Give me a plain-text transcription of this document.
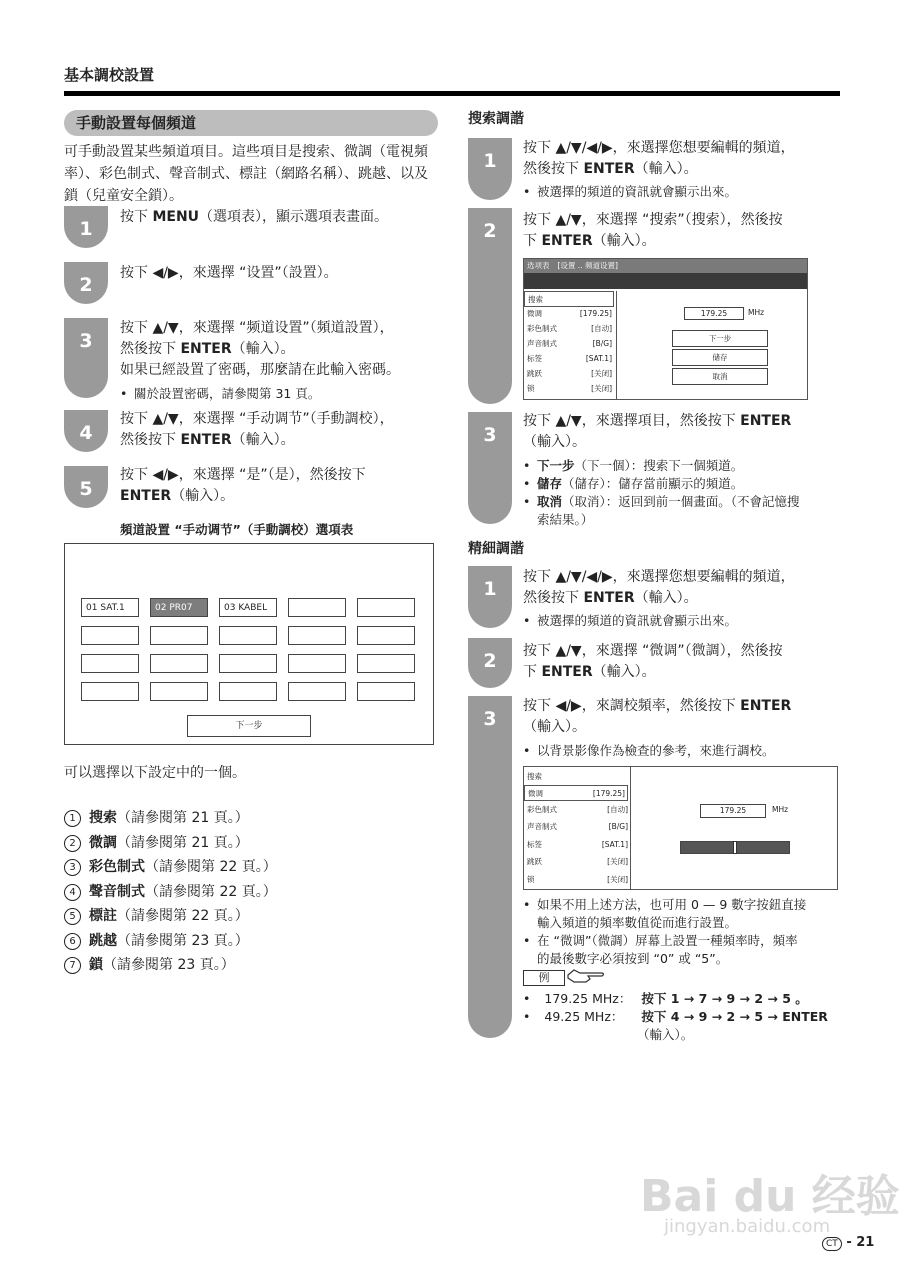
基本調校設置
手動設置每個頻道
可手動設置某些頻道項目。這些項目是搜索、微調（電視頻率）、彩色制式、聲音制式、標註（網路名稱）、跳越、以及鎖（兒童安全鎖）。
1
按下 MENU（選項表），顯示選項表畫面。
2
按下 ◀/▶，來選擇 “设置”（設置）。
3
按下 ▲/▼，來選擇 “频道设置”（頻道設置），
然後按下 ENTER（輸入）。
如果已經設置了密碼，那麼請在此輸入密碼。
• 關於設置密碼，請參閱第 31 頁。
4
按下 ▲/▼，來選擇 “手动调节”（手動調校），
然後按下 ENTER（輸入）。
5
按下 ◀/▶，來選擇 “是”（是），然後按下
ENTER（輸入）。
頻道設置 “手动调节”（手動調校）選項表
01 SAT.1	02 PR07	03 KABEL
下一步
可以選擇以下設定中的一個。
1 搜索（請參閱第 21 頁。）
2 微調（請參閱第 21 頁。）
3 彩色制式（請參閱第 22 頁。）
4 聲音制式（請參閱第 22 頁。）
5 標註（請參閱第 22 頁。）
6 跳越（請參閱第 23 頁。）
7 鎖（請參閱第 23 頁。）
搜索調諧
1
按下 ▲/▼/◀/▶，來選擇您想要編輯的頻道，
然後按下 ENTER（輸入）。
• 被選擇的頻道的資訊就會顯示出來。
2	按下 ▲/▼，來選擇 “搜索”（搜索），然後按
下 ENTER（輸入）。
选项表 [设置 .. 频道设置]
搜索
微调	[179.25]
彩色制式	[自动]
声音制式	[B/G]
标签	[SAT.1]
跳跃	[关闭]
锁	[关闭]
179.25	MHz
下一步
储存
取消
3
按下 ▲/▼，來選擇項目，然後按下 ENTER
（輸入）。
• 下一步（下一個）：搜索下一個頻道。
• 儲存（儲存）：儲存當前顯示的頻道。
• 取消（取消）：返回到前一個畫面。（不會記憶搜
索結果。）
精細調諧
1
按下 ▲/▼/◀/▶，來選擇您想要編輯的頻道，
然後按下 ENTER（輸入）。
• 被選擇的頻道的資訊就會顯示出來。
2	按下 ▲/▼，來選擇 “微调”（微調），然後按
下 ENTER（輸入）。
3
按下 ◀/▶，來調校頻率，然後按下 ENTER
（輸入）。
• 以背景影像作為檢查的參考，來進行調校。
搜索
微调	[179.25]
彩色制式	[自动]
声音制式	[B/G]
标签	[SAT.1]
跳跃	[关闭]
锁	[关闭]
179.25	MHz
• 如果不用上述方法，也可用 0 — 9 數字按鈕直接
輸入頻道的頻率數值從而進行設置。
• 在 “微调”（微調）屏幕上設置一種頻率時，頻率
的最後數字必須按到 “0” 或 “5”。
例
• 179.25 MHz： 按下 1 → 7 → 9 → 2 → 5 。
• 49.25 MHz： 按下 4 → 9 → 2 → 5 → ENTER
（輸入）。
Bai du 经验
jingyan.baidu.com
CT - 21
